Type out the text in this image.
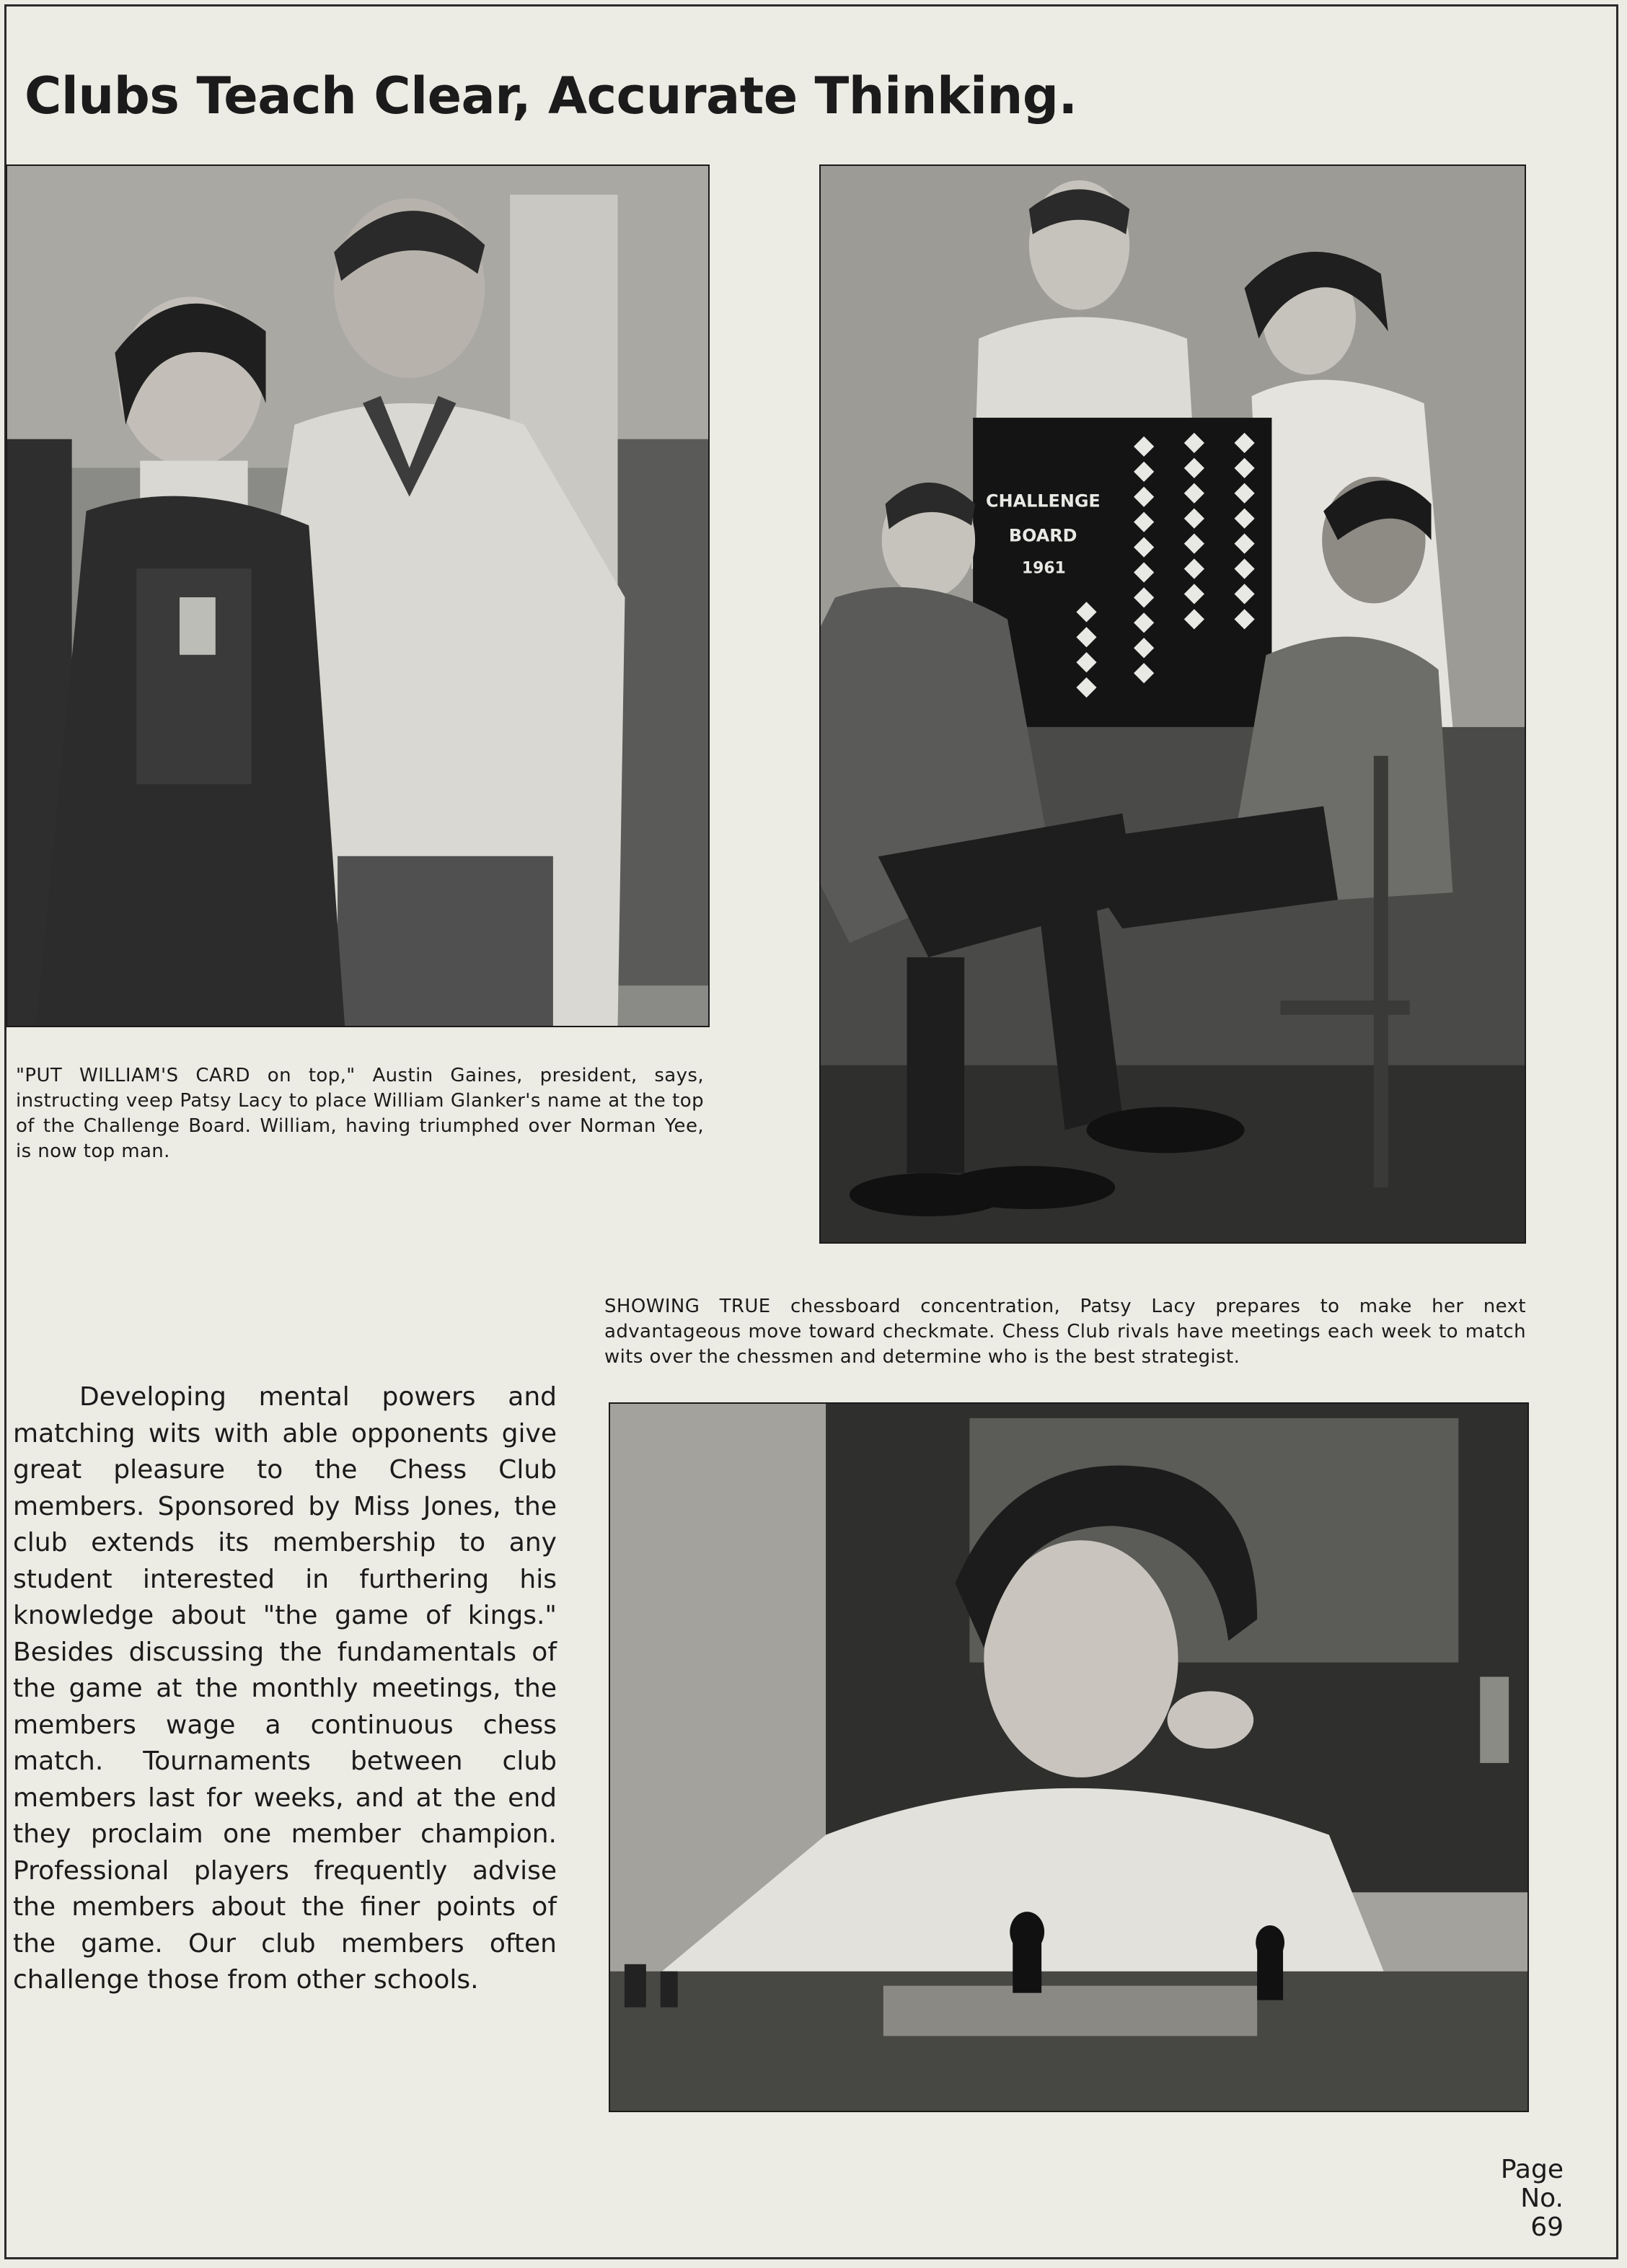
Clubs Teach Clear, Accurate Thinking.
CHALLENGE
BOARD
1961
"PUT WILLIAM'S CARD on top," Austin Gaines, president, says, instructing veep Patsy Lacy to place William Glanker's name at the top of the Challenge Board. William, having triumphed over Norman Yee, is now top man.
SHOWING TRUE chessboard concentration, Patsy Lacy prepares to make her next advantageous move toward checkmate. Chess Club rivals have meetings each week to match wits over the chessmen and determine who is the best strategist.

Developing mental powers and matching wits with able opponents give great pleasure to the Chess Club members. Sponsored by Miss Jones, the club extends its membership to any student interested in furthering his knowledge about "the game of kings." Besides discussing the fundamentals of the game at the monthly meetings, the members wage a continuous chess match. Tournaments between club members last for weeks, and at the end they proclaim one member champion. Professional players frequently advise the members about the finer points of the game. Our club members often challenge those from other schools.

Page
No.
69
